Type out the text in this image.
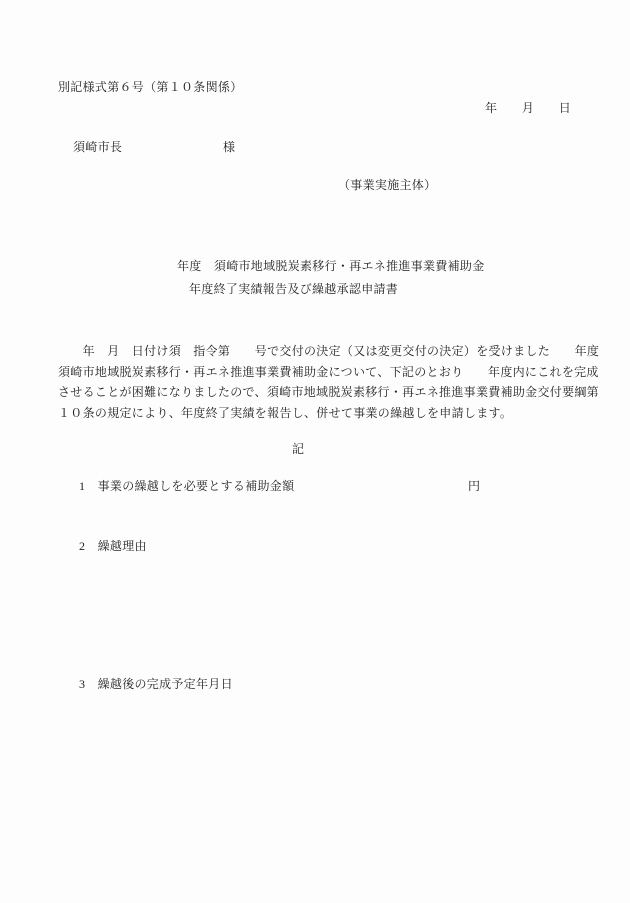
別記様式第６号（第１０条関係）
年　　月　　日
須崎市長	様
（事業実施主体）
年度　須崎市地域脱炭素移行・再エネ推進事業費補助金
年度終了実績報告及び繰越承認申請書
　　年　月　日付け須　指令第　　号で交付の決定（又は変更交付の決定）を受けました　　年度
須崎市地域脱炭素移行・再エネ推進事業費補助金について、下記のとおり　　年度内にこれを完成
させることが困難になりましたので、須崎市地域脱炭素移行・再エネ推進事業費補助金交付要綱第
１０条の規定により、年度終了実績を報告し、併せて事業の繰越しを申請します。
記
1　事業の繰越しを必要とする補助金額	円
2　繰越理由
3　繰越後の完成予定年月日
